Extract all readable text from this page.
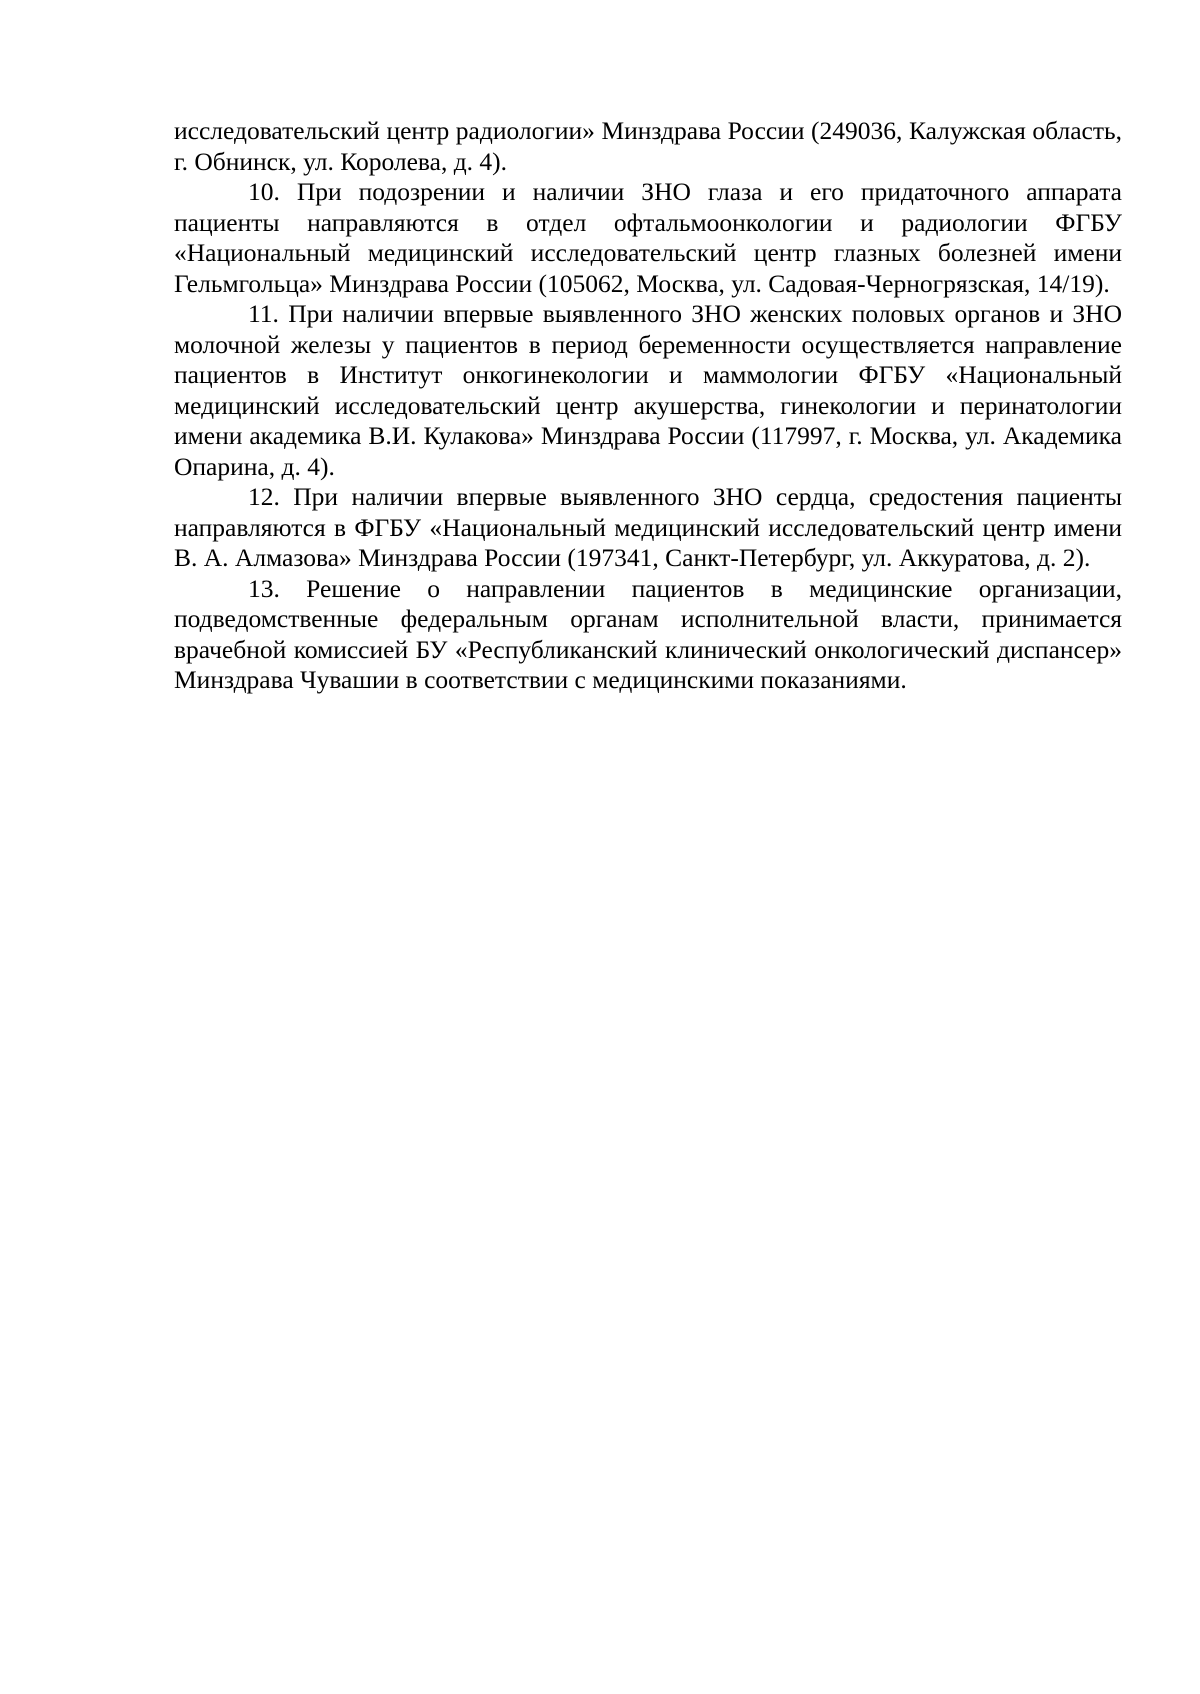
исследовательский центр радиологии» Минздрава России (249036, Калужская область, г. Обнинск, ул. Королева, д. 4).

10. При подозрении и наличии ЗНО глаза и его придаточного аппарата пациенты направляются в отдел офтальмоонкологии и радиологии ФГБУ «Национальный медицинский исследовательский центр глазных болезней имени Гельмгольца» Минздрава России (105062, Москва, ул. Садовая-Черногрязская, 14/19).

11. При наличии впервые выявленного ЗНО женских половых органов и ЗНО молочной железы у пациентов в период беременности осуществляется направление пациентов в Институт онкогинекологии и маммологии ФГБУ «Национальный медицинский исследовательский центр акушерства, гинекологии и перинатологии имени академика В.И. Кулакова» Минздрава России (117997, г. Москва, ул. Академика Опарина, д. 4).

12. При наличии впервые выявленного ЗНО сердца, средостения пациенты направляются в ФГБУ «Национальный медицинский исследовательский центр имени В. А. Алмазова» Минздрава России (197341, Санкт-Петербург, ул. Аккуратова, д. 2).

13. Решение о направлении пациентов в медицинские организации, подведомственные федеральным органам исполнительной власти, принимается врачебной комиссией БУ «Республиканский клинический онкологический диспансер» Минздрава Чувашии в соответствии с медицинскими показаниями.
